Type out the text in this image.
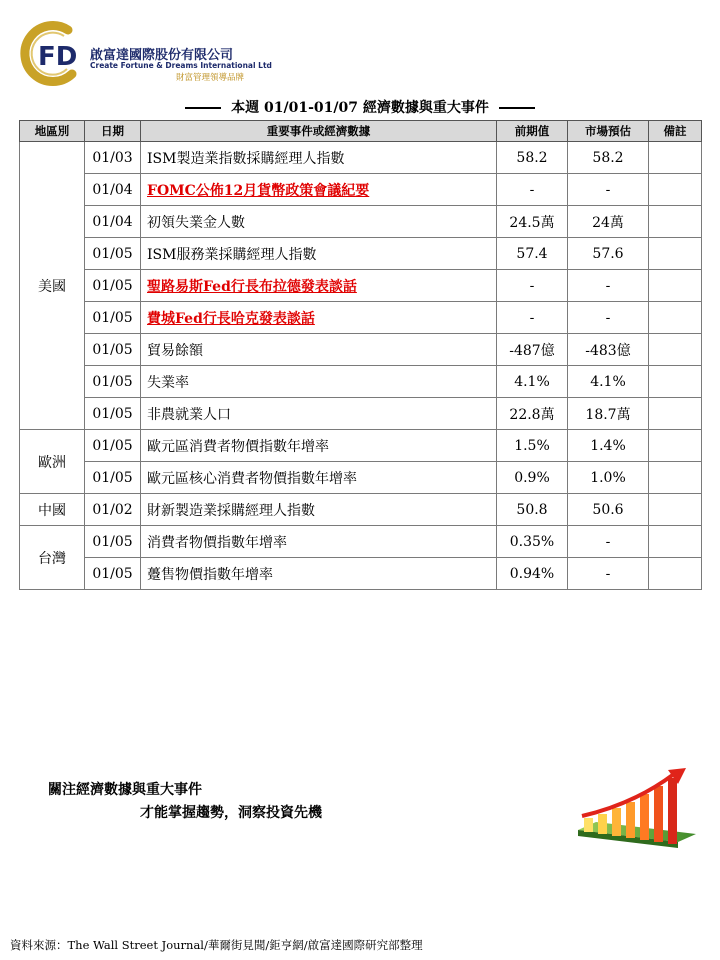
FD 啟富達國際股份有限公司
Create Fortune & Dreams International Ltd
財富管理領導品牌
本週 01/01-01/07 經濟數據與重大事件
地區別	日期	重要事件或經濟數據	前期值	市場預估	備註
美國	01/03	ISM製造業指數採購經理人指數	58.2	58.2	
	01/04	FOMC公佈12月貨幣政策會議紀要	-	-	
	01/04	初領失業金人數	24.5萬	24萬	
	01/05	ISM服務業採購經理人指數	57.4	57.6	
	01/05	聖路易斯Fed行長布拉德發表談話	-	-	
	01/05	費城Fed行長哈克發表談話	-	-	
	01/05	貿易餘額	-487億	-483億	
	01/05	失業率	4.1%	4.1%	
	01/05	非農就業人口	22.8萬	18.7萬	
歐洲	01/05	歐元區消費者物價指數年增率	1.5%	1.4%	
	01/05	歐元區核心消費者物價指數年增率	0.9%	1.0%	
中國	01/02	財新製造業採購經理人指數	50.8	50.6	
台灣	01/05	消費者物價指數年增率	0.35%	-	
	01/05	躉售物價指數年增率	0.94%	-	
關注經濟數據與重大事件
才能掌握趨勢，洞察投資先機
資料來源：The Wall Street Journal/華爾街見聞/鉅亨網/啟富達國際研究部整理
